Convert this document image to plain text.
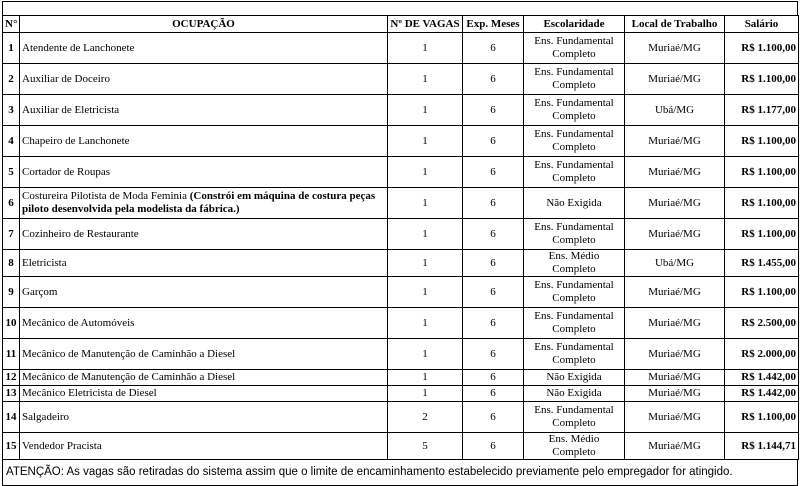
N°	OCUPAÇÃO	Nº DE VAGAS	Exp. Meses	Escolaridade	Local de Trabalho	Salário
1	Atendente de Lanchonete	1	6	Ens. Fundamental Completo	Muriaé/MG	R$ 1.100,00
2	Auxiliar de Doceiro	1	6	Ens. Fundamental Completo	Muriaé/MG	R$ 1.100,00
3	Auxiliar de Eletricista	1	6	Ens. Fundamental Completo	Ubá/MG	R$ 1.177,00
4	Chapeiro de Lanchonete	1	6	Ens. Fundamental Completo	Muriaé/MG	R$ 1.100,00
5	Cortador de Roupas	1	6	Ens. Fundamental Completo	Muriaé/MG	R$ 1.100,00
6	Costureira Pilotista de Moda Feminia (Constrói em máquina de costura peças piloto desenvolvida pela modelista da fábrica.)	1	6	Não Exigida	Muriaé/MG	R$ 1.100,00
7	Cozinheiro de Restaurante	1	6	Ens. Fundamental Completo	Muriaé/MG	R$ 1.100,00
8	Eletricista	1	6	Ens. Médio Completo	Ubá/MG	R$ 1.455,00
9	Garçom	1	6	Ens. Fundamental Completo	Muriaé/MG	R$ 1.100,00
10	Mecânico de Automóveis	1	6	Ens. Fundamental Completo	Muriaé/MG	R$ 2.500,00
11	Mecânico de Manutenção de Caminhão a Diesel	1	6	Ens. Fundamental Completo	Muriaé/MG	R$ 2.000,00
12	Mecânico de Manutenção de Caminhão a Diesel	1	6	Não Exigida	Muriaé/MG	R$ 1.442,00
13	Mecânico Eletricista de Diesel	1	6	Não Exigida	Muriaé/MG	R$ 1.442,00
14	Salgadeiro	2	6	Ens. Fundamental Completo	Muriaé/MG	R$ 1.100,00
15	Vendedor Pracista	5	6	Ens. Médio Completo	Muriaé/MG	R$ 1.144,71
ATENÇÃO: As vagas são retiradas do sistema assim que o limite de encaminhamento estabelecido previamente pelo empregador for atingido.
